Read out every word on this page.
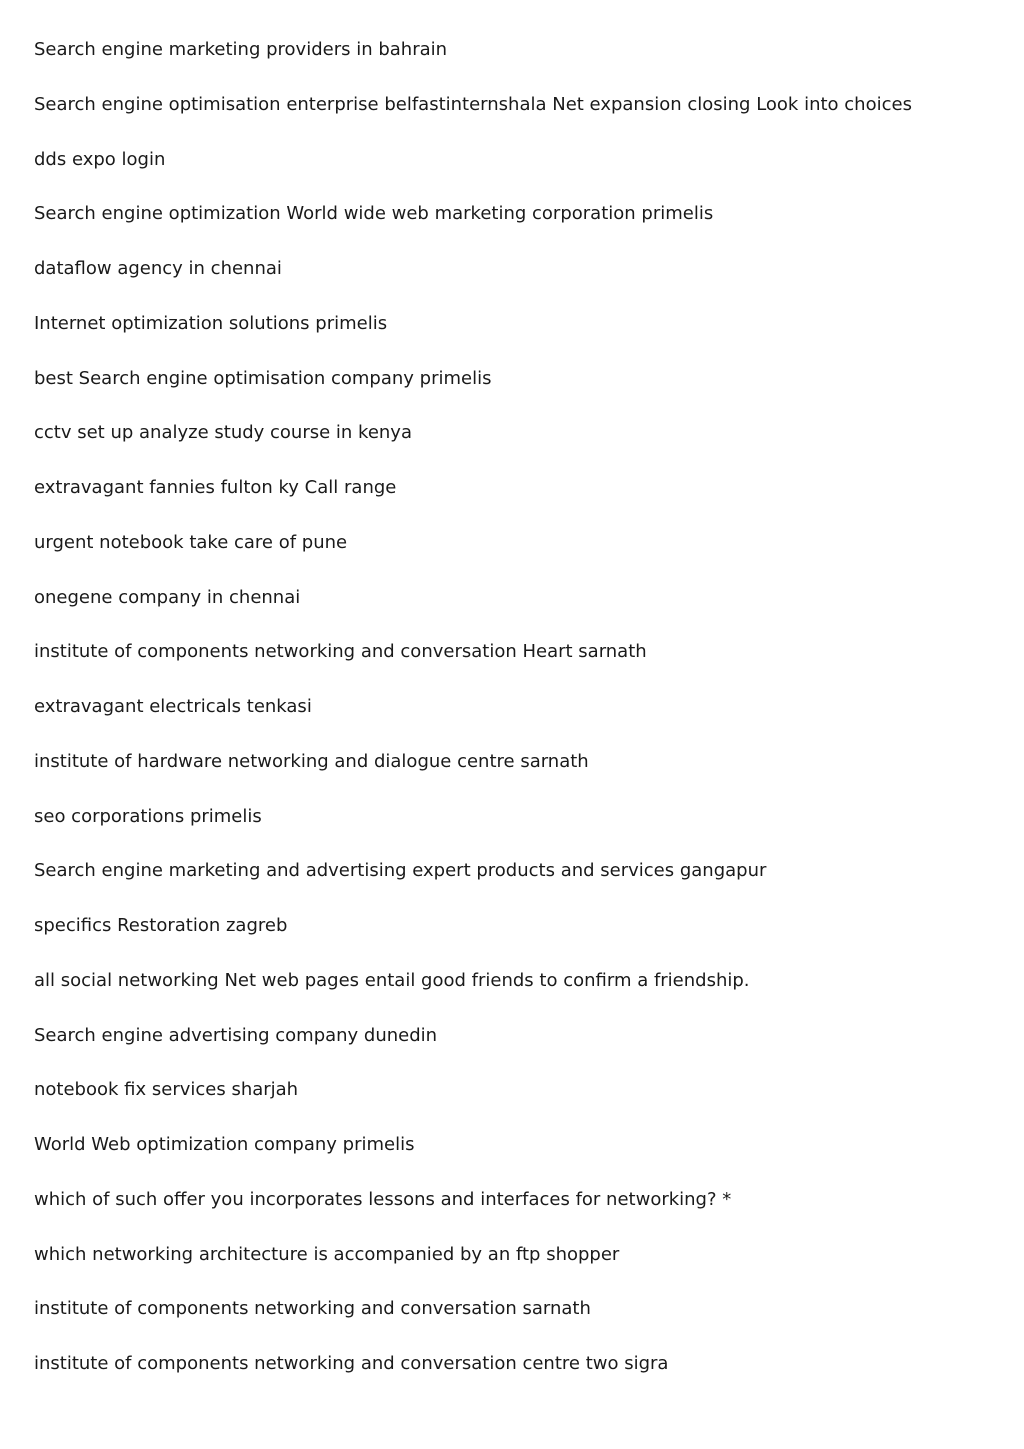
Search engine marketing providers in bahrain
Search engine optimisation enterprise belfastinternshala Net expansion closing Look into choices
dds expo login
Search engine optimization World wide web marketing corporation primelis
dataflow agency in chennai
Internet optimization solutions primelis
best Search engine optimisation company primelis
cctv set up analyze study course in kenya
extravagant fannies fulton ky Call range
urgent notebook take care of pune
onegene company in chennai
institute of components networking and conversation Heart sarnath
extravagant electricals tenkasi
institute of hardware networking and dialogue centre sarnath
seo corporations primelis
Search engine marketing and advertising expert products and services gangapur
specifics Restoration zagreb
all social networking Net web pages entail good friends to confirm a friendship.
Search engine advertising company dunedin
notebook fix services sharjah
World Web optimization company primelis
which of such offer you incorporates lessons and interfaces for networking? *
which networking architecture is accompanied by an ftp shopper
institute of components networking and conversation sarnath
institute of components networking and conversation centre two sigra
